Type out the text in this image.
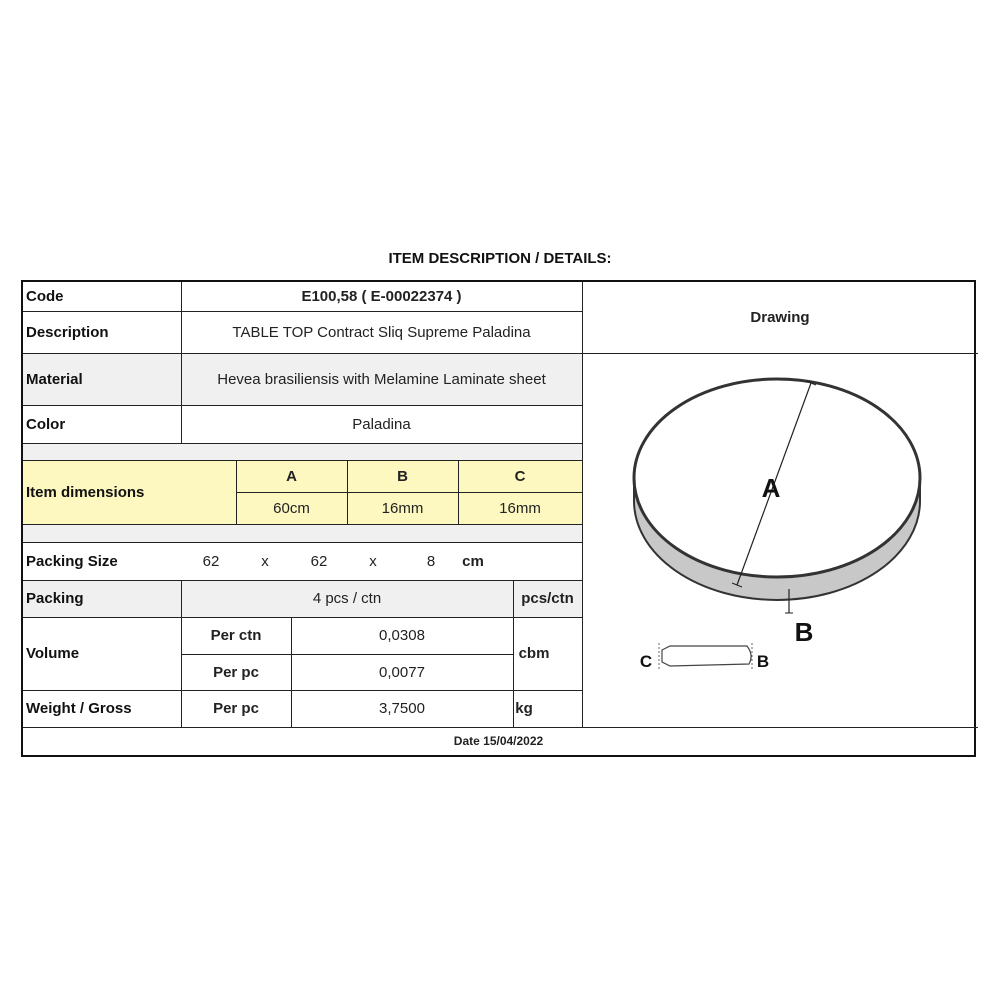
ITEM DESCRIPTION / DETAILS:
Code	E100,58 ( E-00022374 )
Description	TABLE TOP Contract Sliq Supreme Paladina
Material	Hevea brasiliensis with Melamine Laminate sheet
Color	Paladina
Item dimensions
A	B	C
60cm	16mm	16mm
Packing Size	62	x	62	x	8	cm
Packing	4 pcs / ctn	pcs/ctn
Volume
Per ctn	0,0308
Per pc	0,0077
cbm
Weight / Gross	Per pc	3,7500	kg
Drawing
A
B
C	B
Date 15/04/2022
